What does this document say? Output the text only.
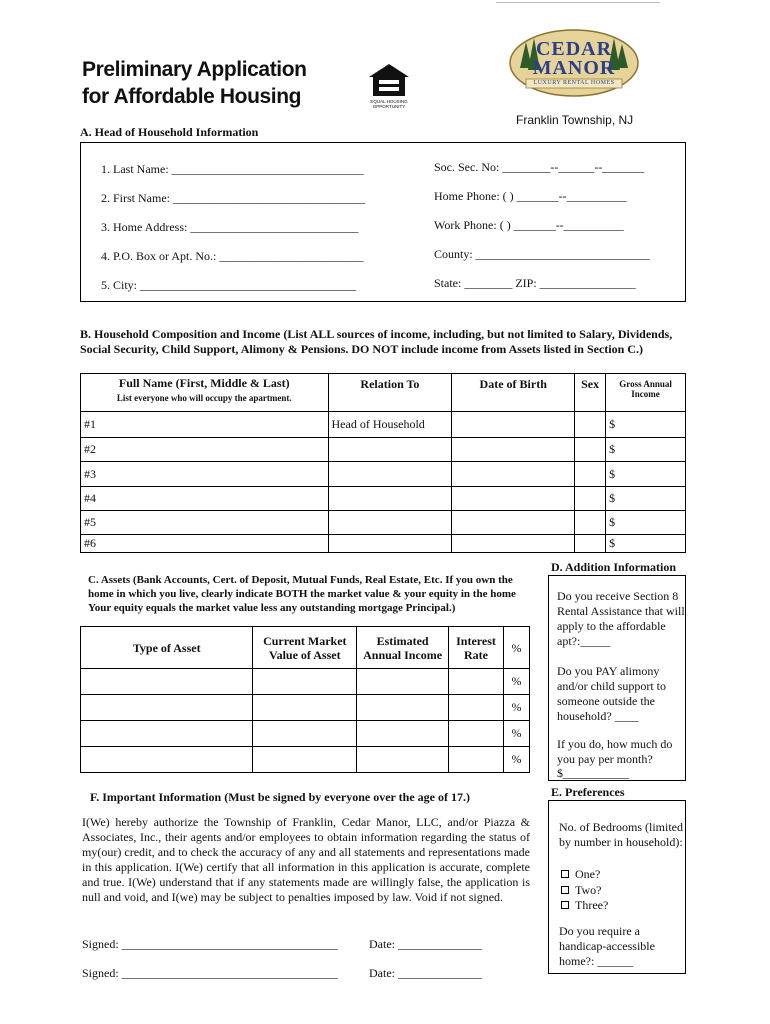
Preliminary Application
for Affordable Housing	EQUAL HOUSING OPPORTUNITY
CEDAR
MANOR
LUXURY RENTAL HOMES
Franklin Township, NJ
A. Head of Household Information
1. Last Name: ________________________________
2. First Name: ________________________________
3. Home Address: ____________________________
4. P.O. Box or Apt. No.: ________________________
5. City: ____________________________________
Soc. Sec. No: ________--______--_______
Home Phone: ( ) _______--__________
Work Phone: ( ) _______--__________
County: _____________________________
State: ________ ZIP: ________________
B. Household Composition and Income (List ALL sources of income, including, but not limited to Salary, Dividends, Social Security, Child Support, Alimony & Pensions. DO NOT include income from Assets listed in Section C.)
Full Name (First, Middle & Last)
List everyone who will occupy the apartment.	Relation To	Date of Birth	Sex	Gross Annual Income
#1	Head of Household			$
#2				$
#3				$
#4				$
#5				$
#6				$
C. Assets (Bank Accounts, Cert. of Deposit, Mutual Funds, Real Estate, Etc. If you own the home in which you live, clearly indicate BOTH the market value & your equity in the home Your equity equals the market value less any outstanding mortgage Principal.)
Type of Asset	Current Market Value of Asset	Estimated Annual Income	Interest Rate	%
				%
				%
				%
				%
D. Addition Information
Do you receive Section 8 Rental Assistance that will apply to the affordable apt?:_____
Do you PAY alimony and/or child support to someone outside the household? ____
If you do, how much do you pay per month?
$___________
E. Preferences
No. of Bedrooms (limited by number in household):
One?
Two?
Three?
Do you require a handicap-accessible home?: ______
F. Important Information (Must be signed by everyone over the age of 17.)
I(We) hereby authorize the Township of Franklin, Cedar Manor, LLC, and/or Piazza & Associates, Inc., their agents and/or employees to obtain information regarding the status of my(our) credit, and to check the accuracy of any and all statements and representations made in this application. I(We) certify that all information in this application is accurate, complete and true. I(We) understand that if any statements made are willingly false, the application is null and void, and I(we) may be subject to penalties imposed by law. Void if not signed.
Signed: ____________________________________	Date: ______________
Signed: ____________________________________	Date: ______________
